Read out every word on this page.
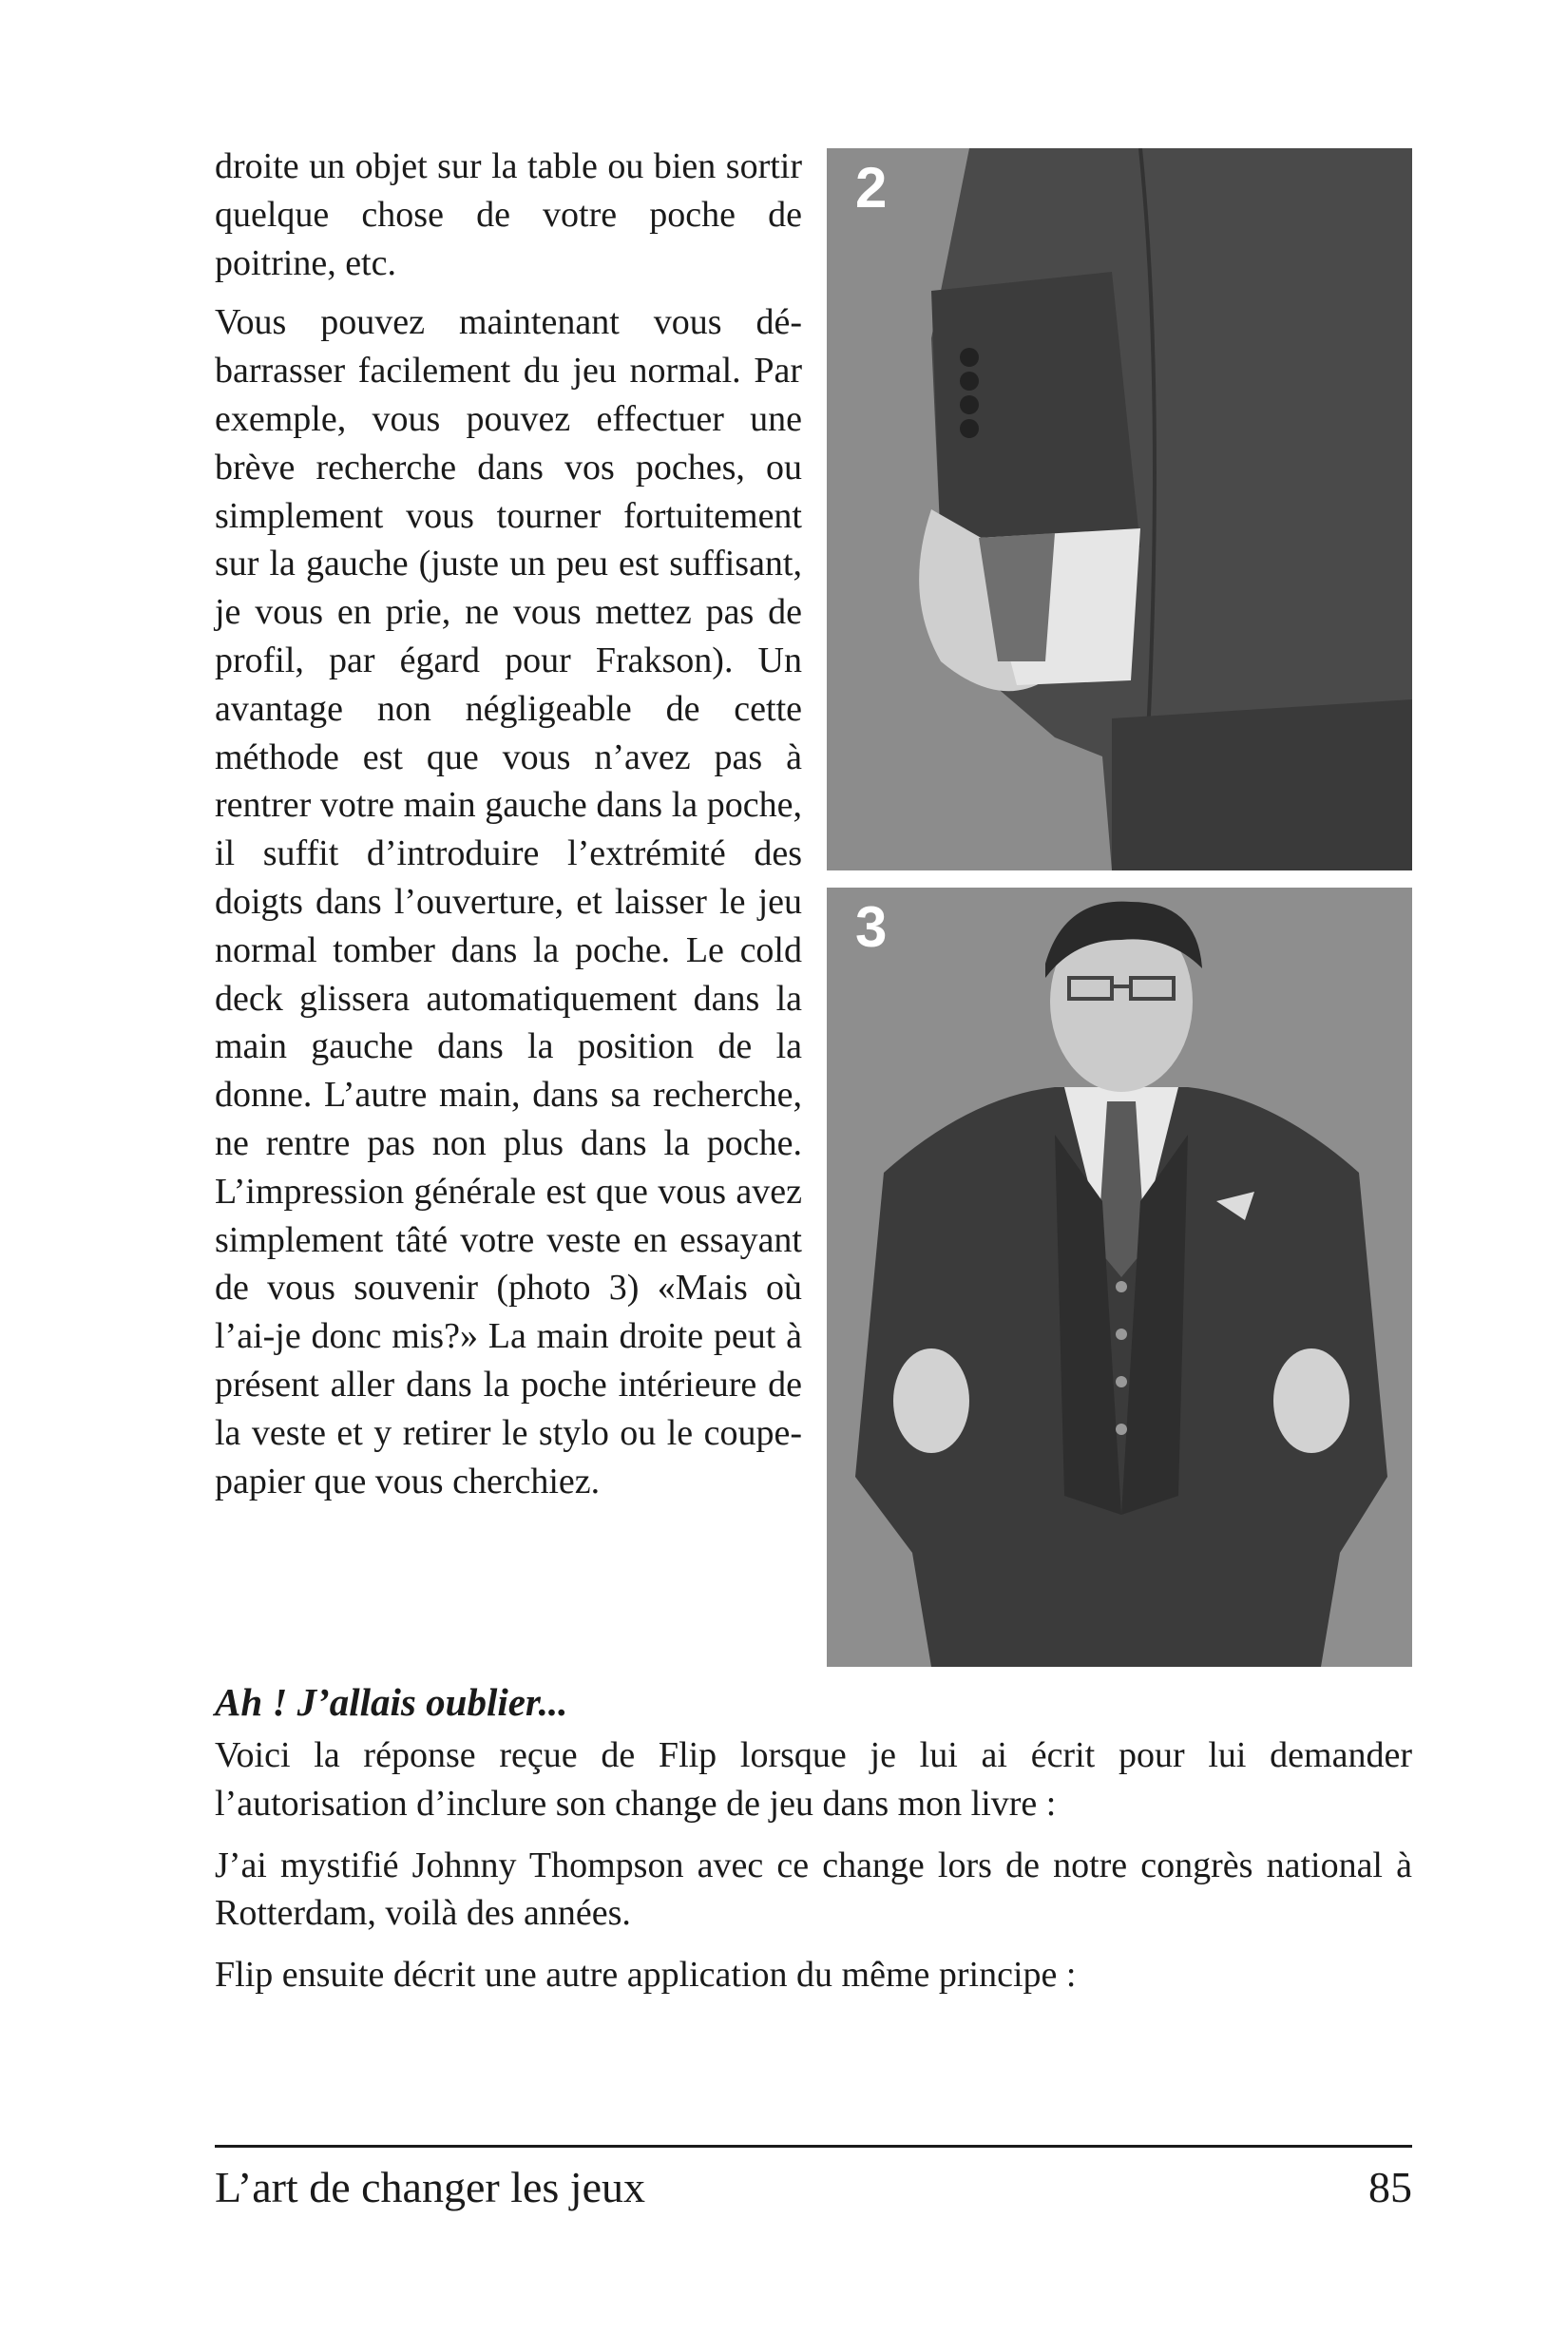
droite un objet sur la table ou bien sortir quelque chose de votre poche de poitrine, etc.

Vous pouvez maintenant vous débarrasser facilement du jeu normal. Par exemple, vous pouvez effectuer une brève recherche dans vos poches, ou simplement vous tourner fortuitement sur la gauche (juste un peu est suffisant, je vous en prie, ne vous mettez pas de profil, par égard pour Frakson). Un avantage non négligeable de cette méthode est que vous n’avez pas à rentrer votre main gauche dans la poche, il suffit d’introduire l’extrémité des doigts dans l’ouverture, et laisser le jeu normal tomber dans la poche. Le cold deck glissera automatiquement dans la main gauche dans la position de la donne. L’autre main, dans sa recherche, ne rentre pas non plus dans la poche. L’impression générale est que vous avez simplement tâté votre veste en essayant de vous souvenir (photo 3) «Mais où l’ai-je donc mis?» La main droite peut à présent aller dans la poche intérieure de la veste et y retirer le stylo ou le coupe-papier que vous cherchiez.

2
3
Ah ! J’allais oublier...

Voici la réponse reçue de Flip lorsque je lui ai écrit pour lui demander l’autorisation d’inclure son change de jeu dans mon livre :

J’ai mystifié Johnny Thompson avec ce change lors de notre congrès national à Rotterdam, voilà des années.

Flip ensuite décrit une autre application du même principe :

L’art de changer les jeux	85
